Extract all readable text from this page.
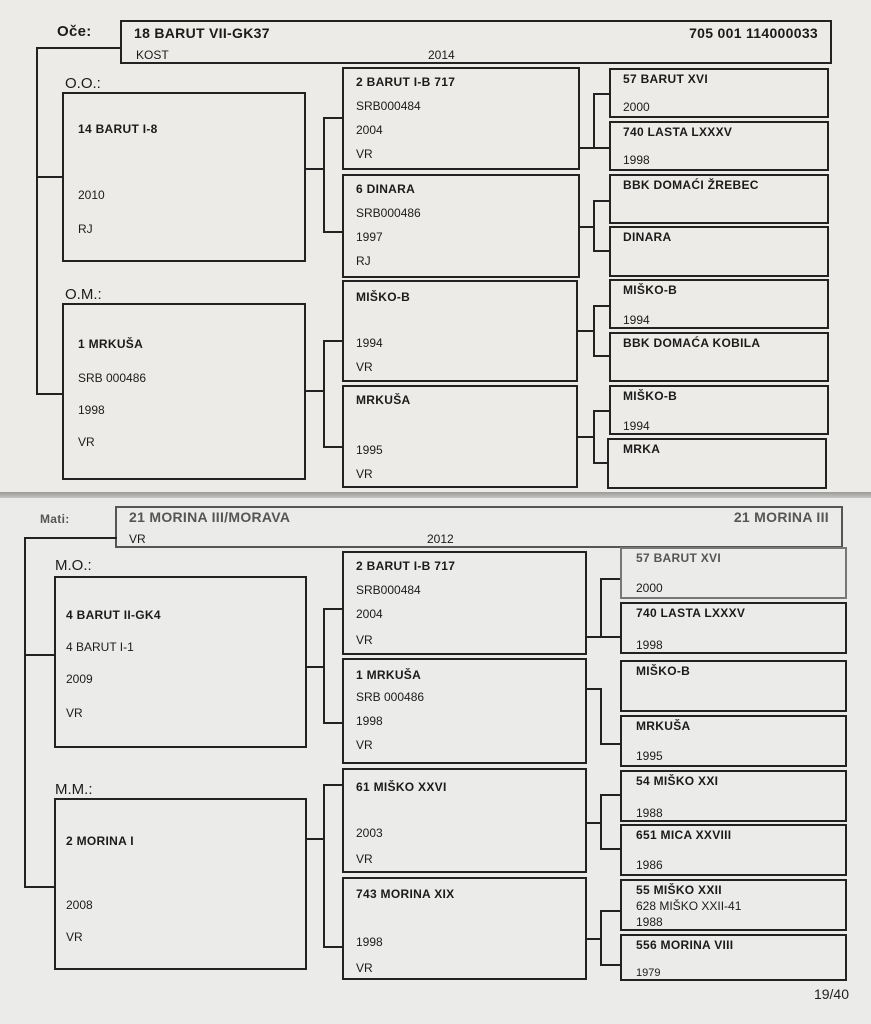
Oče:	18 BARUT VII-GK37	705 001 114000033
KOST	2014
O.O.:
14 BARUT I-8
2010
RJ
O.M.:
1 MRKUŠA
SRB 000486
1998
VR
2 BARUT I-B 717
SRB000484
2004
VR
6 DINARA
SRB000486
1997
RJ
MIŠKO-B
1994
VR
MRKUŠA
1995
VR
57 BARUT XVI
2000
740 LASTA LXXXV
1998
BBK DOMAĆI ŽREBEC
DINARA
MIŠKO-B
1994
BBK DOMAĆA KOBILA
MIŠKO-B
1994
MRKA
Mati:	21 MORINA III/MORAVA	21 MORINA III
VR	2012
M.O.:
4 BARUT II-GK4
4 BARUT I-1
2009
VR
M.M.:
2 MORINA I
2008
VR
2 BARUT I-B 717
SRB000484
2004
VR
1 MRKUŠA
SRB 000486
1998
VR
61 MIŠKO XXVI
2003
VR
743 MORINA XIX
1998
VR
57 BARUT XVI
2000
740 LASTA LXXXV
1998
MIŠKO-B
MRKUŠA
1995
54 MIŠKO XXI
1988
651 MICA XXVIII
1986
55 MIŠKO XXII
628 MIŠKO XXII-41
1988
556 MORINA VIII
1979
19/40
